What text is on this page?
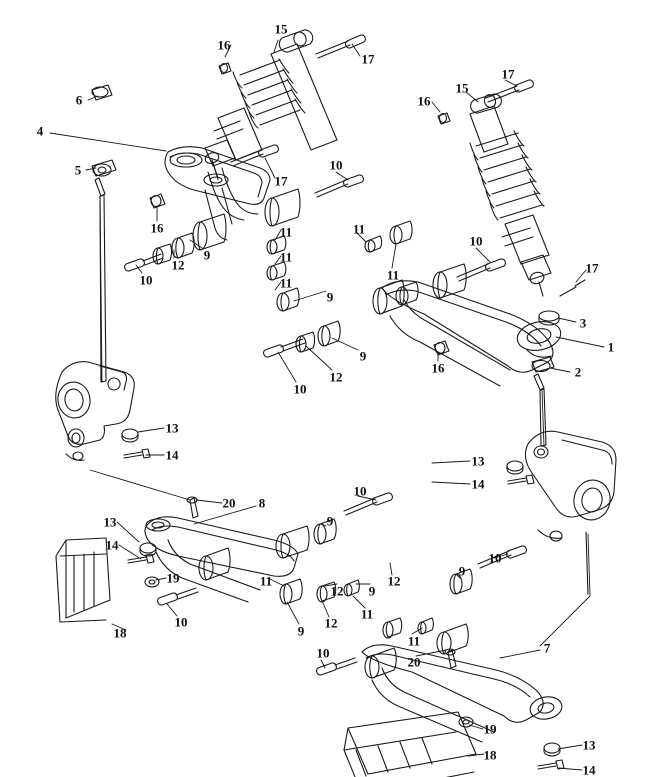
15
16
17
6
15
17
16
4
5
17
10
16	11	11
9
12
10
11
9
11
11
10
17
3
1
2
16
9
12
10
13
14	13
14
20 8
10
13	9
14
10
19	11	12
9
9
12
11
10
9
12
11
18
7
10
20
19
13
18
14
